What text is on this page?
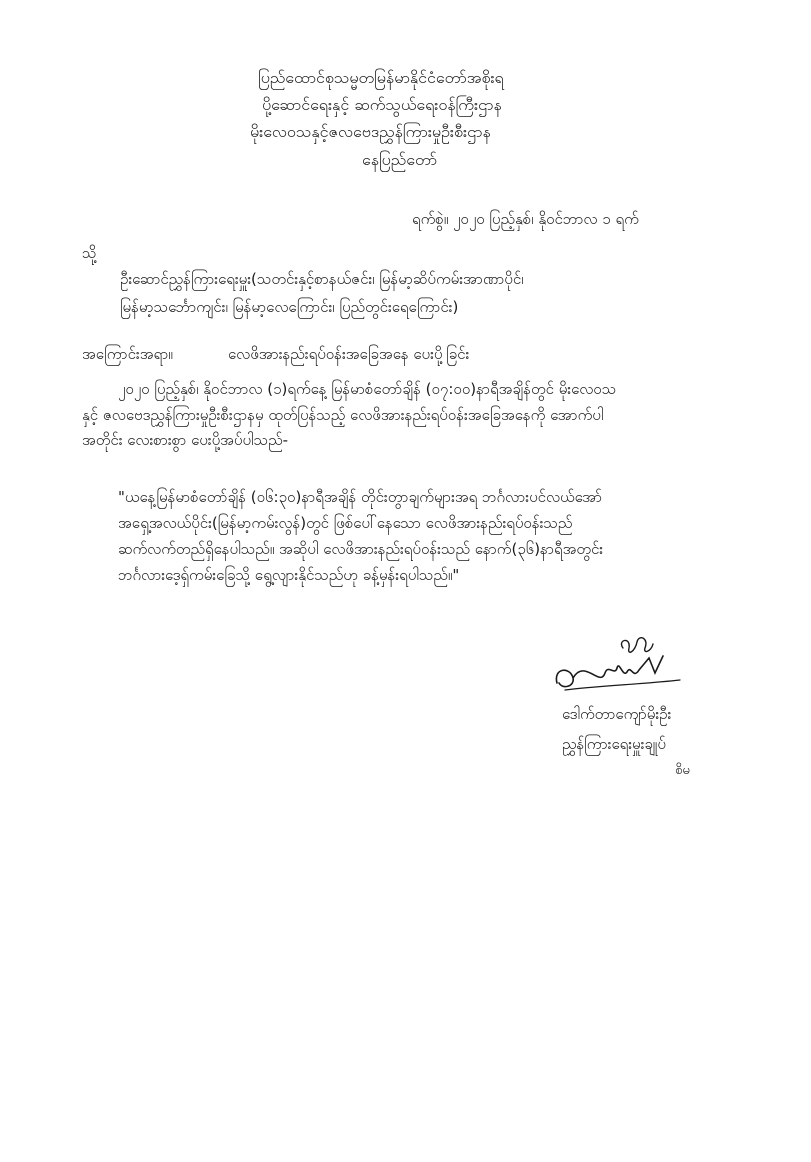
ပြည်ထောင်စုသမ္မတမြန်မာနိုင်ငံတော်အစိုးရ
ပို့ဆောင်ရေးနှင့် ဆက်သွယ်ရေးဝန်ကြီးဌာန
မိုးလေဝသနှင့်ဇလဗေဒညွှန်ကြားမှုဦးစီးဌာန
နေပြည်တော်
ရက်စွဲ။ ၂၀၂၀ ပြည့်နှစ်၊ နိုဝင်ဘာလ ၁ ရက်
သို့
ဦးဆောင်ညွှန်ကြားရေးမှူး(သတင်းနှင့်စာနယ်ဇင်း၊ မြန်မာ့ဆိပ်ကမ်းအာဏာပိုင်၊
မြန်မာ့သင်္ဘောကျင်း၊ မြန်မာ့လေကြောင်း၊ ပြည်တွင်းရေကြောင်း)
အကြောင်းအရာ။	လေဖိအားနည်းရပ်ဝန်းအခြေအနေ ပေးပို့ခြင်း
၂၀၂၀ ပြည့်နှစ်၊ နိုဝင်ဘာလ (၁)ရက်နေ့ မြန်မာစံတော်ချိန် (၀၇:၀၀)နာရီအချိန်တွင် မိုးလေဝသ
နှင့် ဇလဗေဒညွှန်ကြားမှုဦးစီးဌာနမှ ထုတ်ပြန်သည့် လေဖိအားနည်းရပ်ဝန်းအခြေအနေကို အောက်ပါ
အတိုင်း လေးစားစွာ ပေးပို့အပ်ပါသည်-
"ယနေ့မြန်မာစံတော်ချိန် (၀၆:၃၀)နာရီအချိန် တိုင်းတွာချက်များအရ ဘင်္ဂလားပင်လယ်အော်
အရှေ့အလယ်ပိုင်း(မြန်မာ့ကမ်းလွန်)တွင် ဖြစ်ပေါ်နေသော လေဖိအားနည်းရပ်ဝန်းသည်
ဆက်လက်တည်ရှိနေပါသည်။ အဆိုပါ လေဖိအားနည်းရပ်ဝန်းသည် နောက်(၃၆)နာရီအတွင်း
ဘင်္ဂလားဒေ့ရှ်ကမ်းခြေသို့ ရွေ့လျားနိုင်သည်ဟု ခန့်မှန်းရပါသည်။"
ဒေါက်တာကျော်မိုးဦး
ညွှန်ကြားရေးမှူးချုပ်
စိမ
